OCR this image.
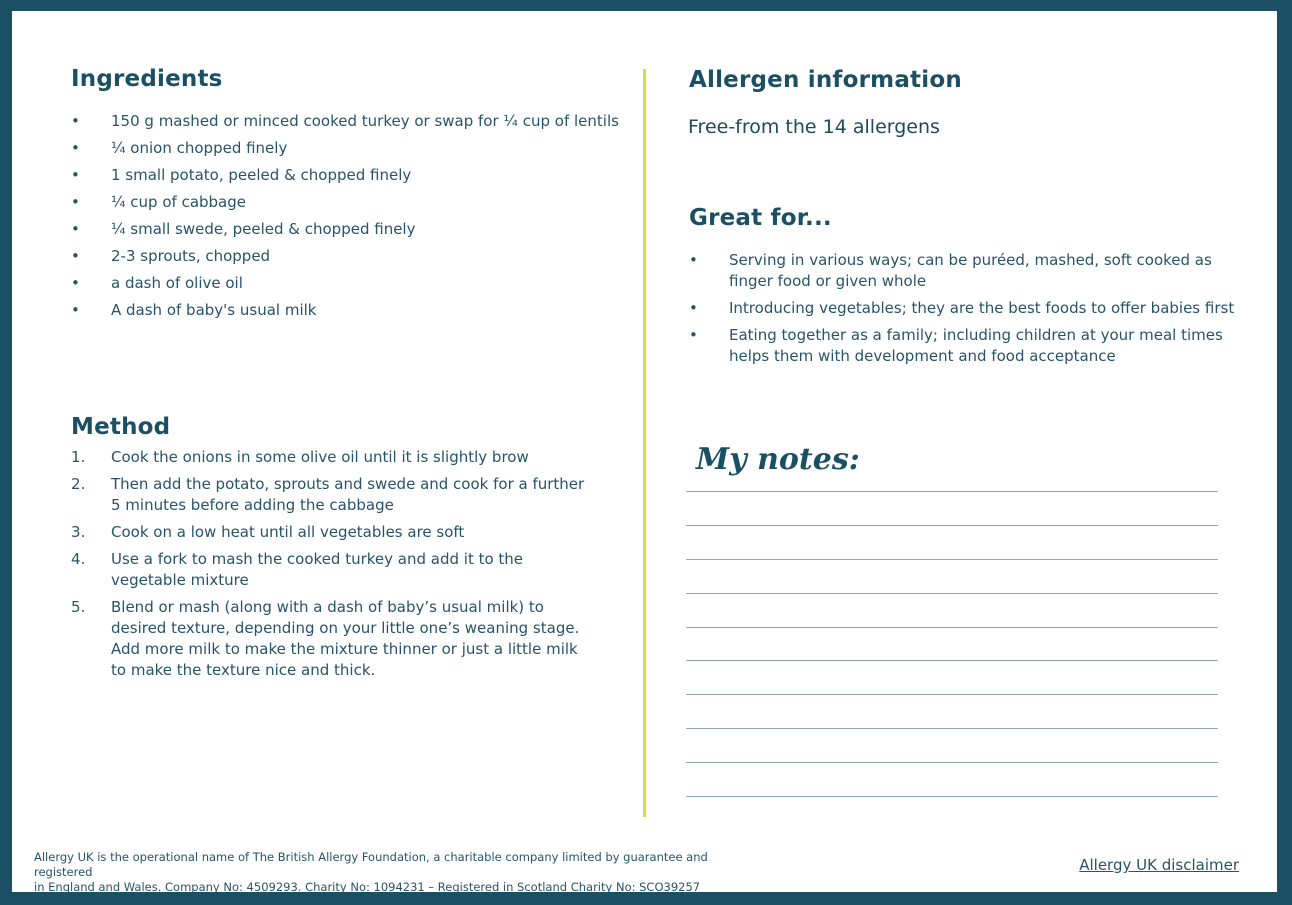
Ingredients
•	150 g mashed or minced cooked turkey or swap for ¼ cup of lentils
•	¼ onion chopped finely
•	1 small potato, peeled & chopped finely
•	¼ cup of cabbage
•	¼ small swede, peeled & chopped finely
•	2-3 sprouts, chopped
•	a dash of olive oil
•	A dash of baby's usual milk
Method
1.	Cook the onions in some olive oil until it is slightly brow
2.	Then add the potato, sprouts and swede and cook for a further 5 minutes before adding the cabbage
3.	Cook on a low heat until all vegetables are soft
4.	Use a fork to mash the cooked turkey and add it to the vegetable mixture
5.	Blend or mash (along with a dash of baby’s usual milk) to desired texture, depending on your little one’s weaning stage. Add more milk to make the mixture thinner or just a little milk to make the texture nice and thick.
Allergen information
Free-from the 14 allergens
Great for...
•	Serving in various ways; can be puréed, mashed, soft cooked as finger food or given whole
•	Introducing vegetables; they are the best foods to offer babies first
•	Eating together as a family; including children at your meal times helps them with development and food acceptance
My notes:
Allergy UK is the operational name of The British Allergy Foundation, a charitable company limited by guarantee and registered
in England and Wales. Company No: 4509293. Charity No: 1094231 – Registered in Scotland Charity No: SCO39257
Allergy UK disclaimer
